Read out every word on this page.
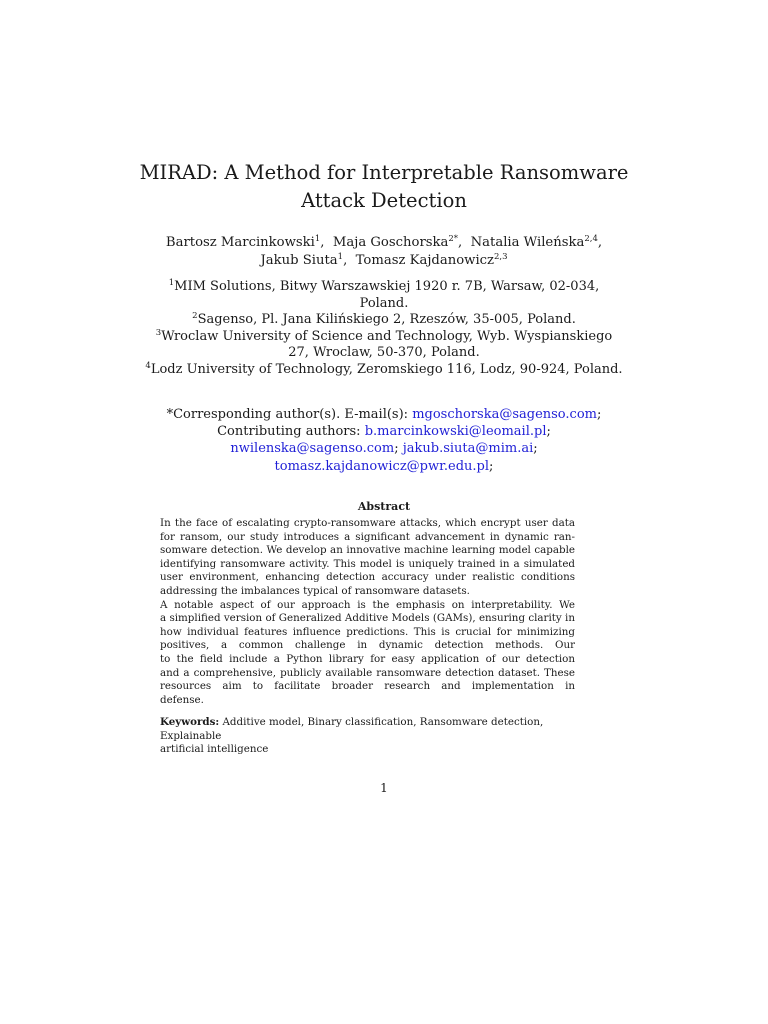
MIRAD: A Method for Interpretable Ransomware
Attack Detection
Bartosz Marcinkowski$^1$,  Maja Goschorska$^{2*}$,  Natalia Wileńska$^{2,4}$,
Jakub Siuta$^1$,  Tomasz Kajdanowicz$^{2,3}$
$^1$MIM Solutions, Bitwy Warszawskiej 1920 r. 7B, Warsaw, 02-034,
Poland.
$^2$Sagenso, Pl. Jana Kilińskiego 2, Rzeszów, 35-005, Poland.
$^3$Wroclaw University of Science and Technology, Wyb. Wyspianskiego
27, Wroclaw, 50-370, Poland.
$^4$Lodz University of Technology, Zeromskiego 116, Lodz, 90-924, Poland.
*Corresponding author(s). E-mail(s): mgoschorska@sagenso.com;
Contributing authors: b.marcinkowski@leomail.pl;
nwilenska@sagenso.com; jakub.siuta@mim.ai;
tomasz.kajdanowicz@pwr.edu.pl;
Abstract
In the face of escalating crypto-ransomware attacks, which encrypt user data
for ransom, our study introduces a significant advancement in dynamic ran-
somware detection. We develop an innovative machine learning model capable
identifying ransomware activity. This model is uniquely trained in a simulated
user environment, enhancing detection accuracy under realistic conditions
addressing the imbalances typical of ransomware datasets.
A notable aspect of our approach is the emphasis on interpretability. We
a simplified version of Generalized Additive Models (GAMs), ensuring clarity in
how individual features influence predictions. This is crucial for minimizing
positives, a common challenge in dynamic detection methods. Our
to the field include a Python library for easy application of our detection
and a comprehensive, publicly available ransomware detection dataset. These
resources aim to facilitate broader research and implementation in
defense.
Keywords: Additive model, Binary classification, Ransomware detection, Explainable
artificial intelligence
1
